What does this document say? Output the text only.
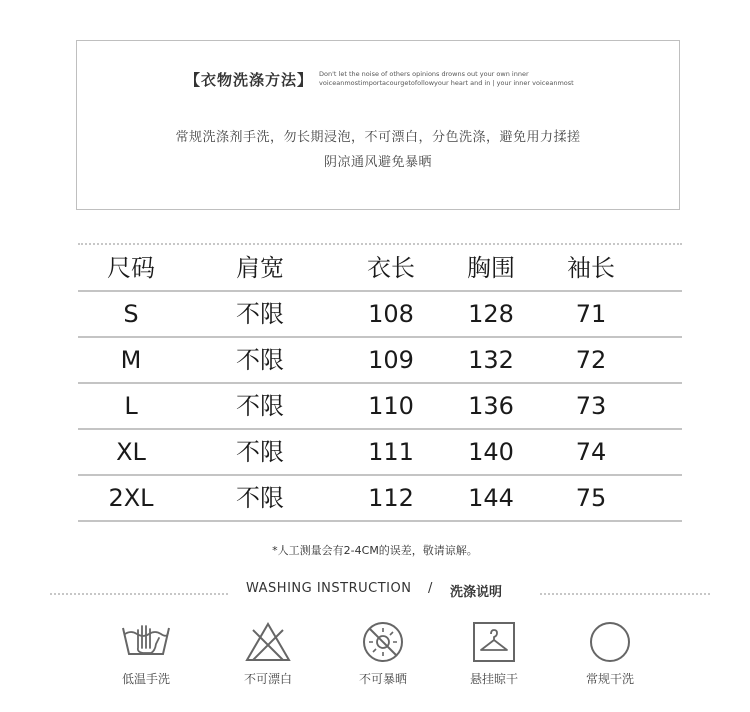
【衣物洗涤方法】 Don't let the noise of others opinions drowns out your own inner voiceanmostimportacourgetofollowyour heart and in | your inner voiceanmost
常规洗涤剂手洗，勿长期浸泡，不可漂白，分色洗涤，避免用力揉搓
阴凉通风避免暴晒
尺码	肩宽	衣长	胸围	袖长
S	不限	108	128	71
M	不限	109	132	72
L	不限	110	136	73
XL	不限	111	140	74
2XL	不限	112	144	75
*人工测量会有2-4CM的误差，敬请谅解。
WASHING INSTRUCTION / 洗涤说明
低温手洗	不可漂白	不可暴晒	悬挂晾干	常规干洗
